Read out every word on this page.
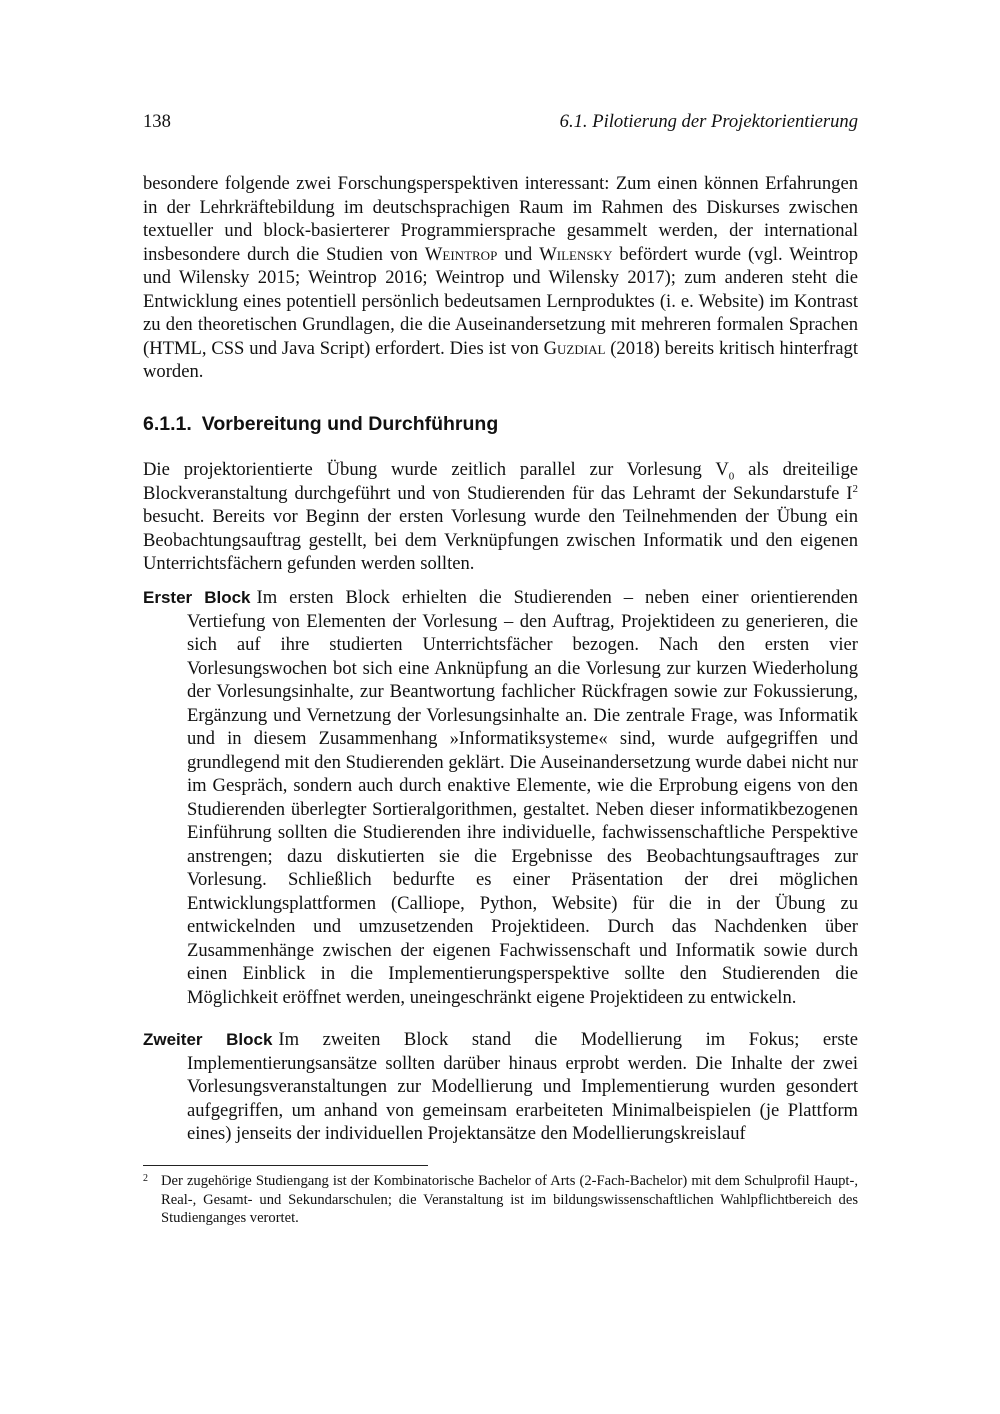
138	6.1. Pilotierung der Projektorientierung

besondere folgende zwei Forschungsperspektiven interessant: Zum einen können Erfahrungen in der Lehrkräftebildung im deutschsprachigen Raum im Rahmen des Diskurses zwischen textueller und block-basierterer Programmiersprache gesammelt werden, der international insbesondere durch die Studien von Weintrop und Wilensky befördert wurde (vgl. Weintrop und Wilensky 2015; Weintrop 2016; Weintrop und Wilensky 2017); zum anderen steht die Entwicklung eines potentiell persönlich bedeutsamen Lernproduktes (i. e. Website) im Kontrast zu den theoretischen Grundlagen, die die Auseinandersetzung mit mehreren formalen Sprachen (HTML, CSS und Java Script) erfordert. Dies ist von Guzdial (2018) bereits kritisch hinterfragt worden.

6.1.1. Vorbereitung und Durchführung

Die projektorientierte Übung wurde zeitlich parallel zur Vorlesung $V_0$ als dreiteilige Blockveranstaltung durchgeführt und von Studierenden für das Lehramt der Sekundarstufe $I^2$ besucht. Bereits vor Beginn der ersten Vorlesung wurde den Teilnehmenden der Übung ein Beobachtungsauftrag gestellt, bei dem Verknüpfungen zwischen Informatik und den eigenen Unterrichtsfächern gefunden werden sollten.

Erster Block Im ersten Block erhielten die Studierenden – neben einer orientierenden Vertiefung von Elementen der Vorlesung – den Auftrag, Projektideen zu generieren, die sich auf ihre studierten Unterrichtsfächer bezogen. Nach den ersten vier Vorlesungswochen bot sich eine Anknüpfung an die Vorlesung zur kurzen Wiederholung der Vorlesungsinhalte, zur Beantwortung fachlicher Rückfragen sowie zur Fokussierung, Ergänzung und Vernetzung der Vorlesungsinhalte an. Die zentrale Frage, was Informatik und in diesem Zusammenhang »Informatiksysteme« sind, wurde aufgegriffen und grundlegend mit den Studierenden geklärt. Die Auseinandersetzung wurde dabei nicht nur im Gespräch, sondern auch durch enaktive Elemente, wie die Erprobung eigens von den Studierenden überlegter Sortieralgorithmen, gestaltet. Neben dieser informatikbezogenen Einführung sollten die Studierenden ihre individuelle, fachwissenschaftliche Perspektive anstrengen; dazu diskutierten sie die Ergebnisse des Beobachtungsauftrages zur Vorlesung. Schließlich bedurfte es einer Präsentation der drei möglichen Entwicklungsplattformen (Calliope, Python, Website) für die in der Übung zu entwickelnden und umzusetzenden Projektideen. Durch das Nachdenken über Zusammenhänge zwischen der eigenen Fachwissenschaft und Informatik sowie durch einen Einblick in die Implementierungsperspektive sollte den Studierenden die Möglichkeit eröffnet werden, uneingeschränkt eigene Projektideen zu entwickeln.

Zweiter Block Im zweiten Block stand die Modellierung im Fokus; erste Implementierungsansätze sollten darüber hinaus erprobt werden. Die Inhalte der zwei Vorlesungsveranstaltungen zur Modellierung und Implementierung wurden gesondert aufgegriffen, um anhand von gemeinsam erarbeiteten Minimalbeispielen (je Plattform eines) jenseits der individuellen Projektansätze den Modellierungskreislauf

2 Der zugehörige Studiengang ist der Kombinatorische Bachelor of Arts (2-Fach-Bachelor) mit dem Schulprofil Haupt-, Real-, Gesamt- und Sekundarschulen; die Veranstaltung ist im bildungswissenschaftlichen Wahlpflichtbereich des Studienganges verortet.
